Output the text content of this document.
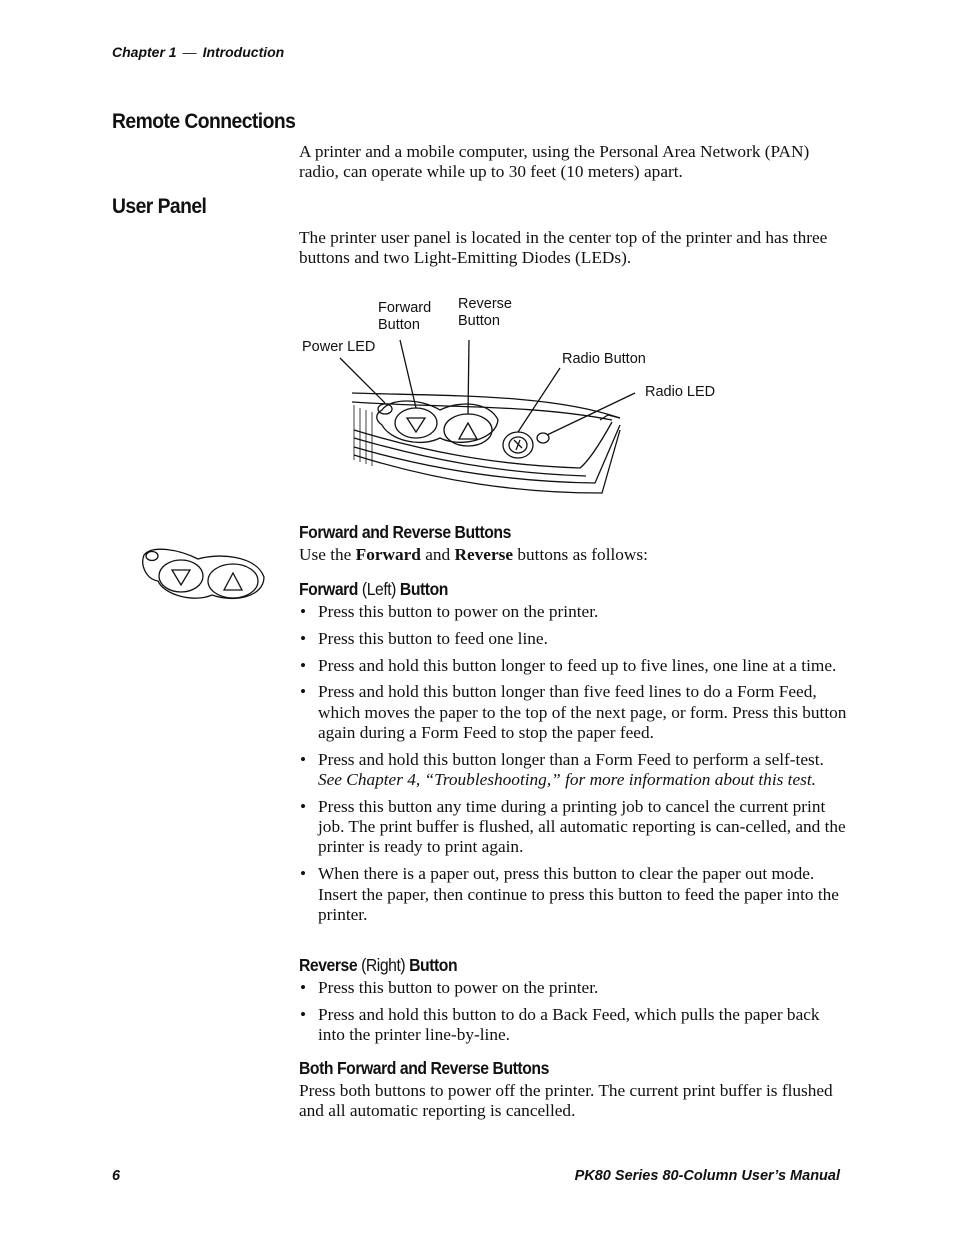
Chapter 1 — Introduction
Remote Connections

A printer and a mobile computer, using the Personal Area Network (PAN) radio, can operate while up to 30 feet (10 meters) apart.

User Panel

The printer user panel is located in the center top of the printer and has three buttons and two Light-Emitting Diodes (LEDs).

Forward
Button
Reverse
Button
Power LED
Radio Button
Radio LED
Forward and Reverse Buttons

Use the Forward and Reverse buttons as follows:

Forward (Left) Button
• Press this button to power on the printer.
• Press this button to feed one line.
• Press and hold this button longer to feed up to five lines, one line at a time.
• Press and hold this button longer than five feed lines to do a Form Feed, which moves the paper to the top of the next page, or form. Press this button again during a Form Feed to stop the paper feed.
• Press and hold this button longer than a Form Feed to perform a self-test. See Chapter 4, “Troubleshooting,” for more information about this test.
• Press this button any time during a printing job to cancel the current print job. The print buffer is flushed, all automatic reporting is can-celled, and the printer is ready to print again.
• When there is a paper out, press this button to clear the paper out mode. Insert the paper, then continue to press this button to feed the paper into the printer.
Reverse (Right) Button
• Press this button to power on the printer.
• Press and hold this button to do a Back Feed, which pulls the paper back into the printer line-by-line.
Both Forward and Reverse Buttons

Press both buttons to power off the printer. The current print buffer is flushed and all automatic reporting is cancelled.

6	PK80 Series 80-Column User’s Manual
